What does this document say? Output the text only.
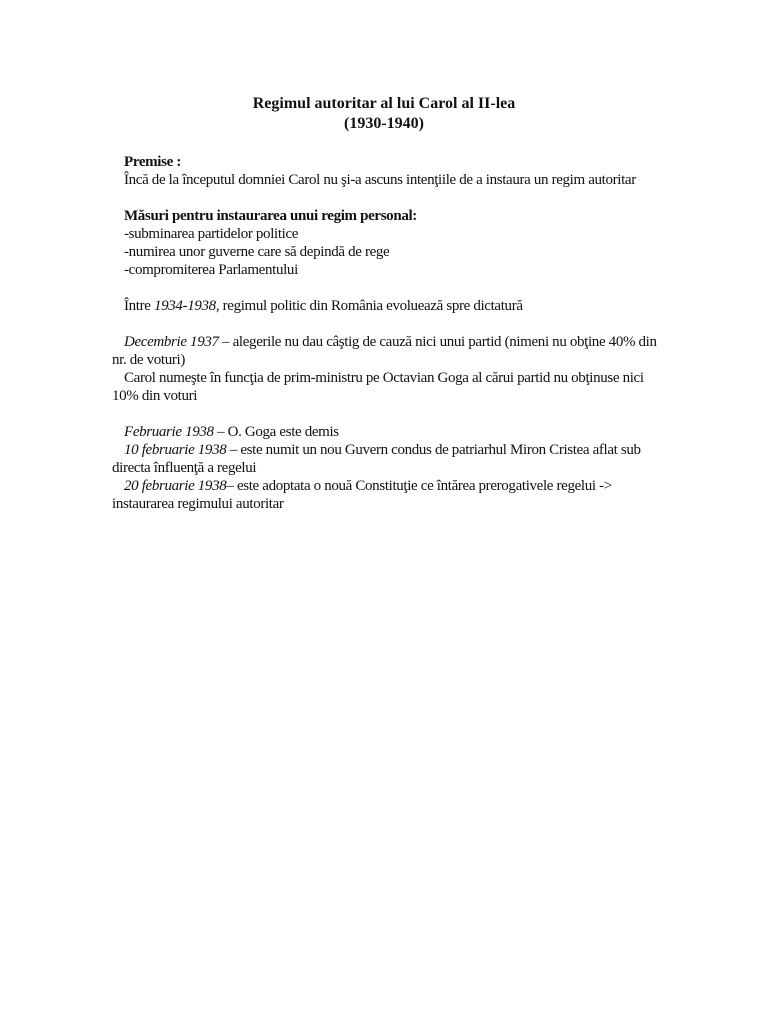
Regimul autoritar al lui Carol al II-lea
(1930-1940)

Premise :

Încă de la începutul domniei Carol nu şi-a ascuns intenţiile de a instaura un regim autoritar

Măsuri pentru instaurarea unui regim personal:

-subminarea partidelor politice

-numirea unor guverne care să depindă de rege

-compromiterea Parlamentului

Între 1934-1938, regimul politic din România evoluează spre dictatură

Decembrie 1937 – alegerile nu dau câştig de cauză nici unui partid (nimeni nu obţine 40% din nr. de voturi)

Carol numeşte în funcţia de prim-ministru pe Octavian Goga al cărui partid nu obţinuse nici 10% din voturi

Februarie 1938 – O. Goga este demis

10 februarie 1938 – este numit un nou Guvern condus de patriarhul Miron Cristea aflat sub directa înfluenţă a regelui

20 februarie 1938– este adoptata o nouă Constituţie ce întărea prerogativele regelui -> instaurarea regimului autoritar
